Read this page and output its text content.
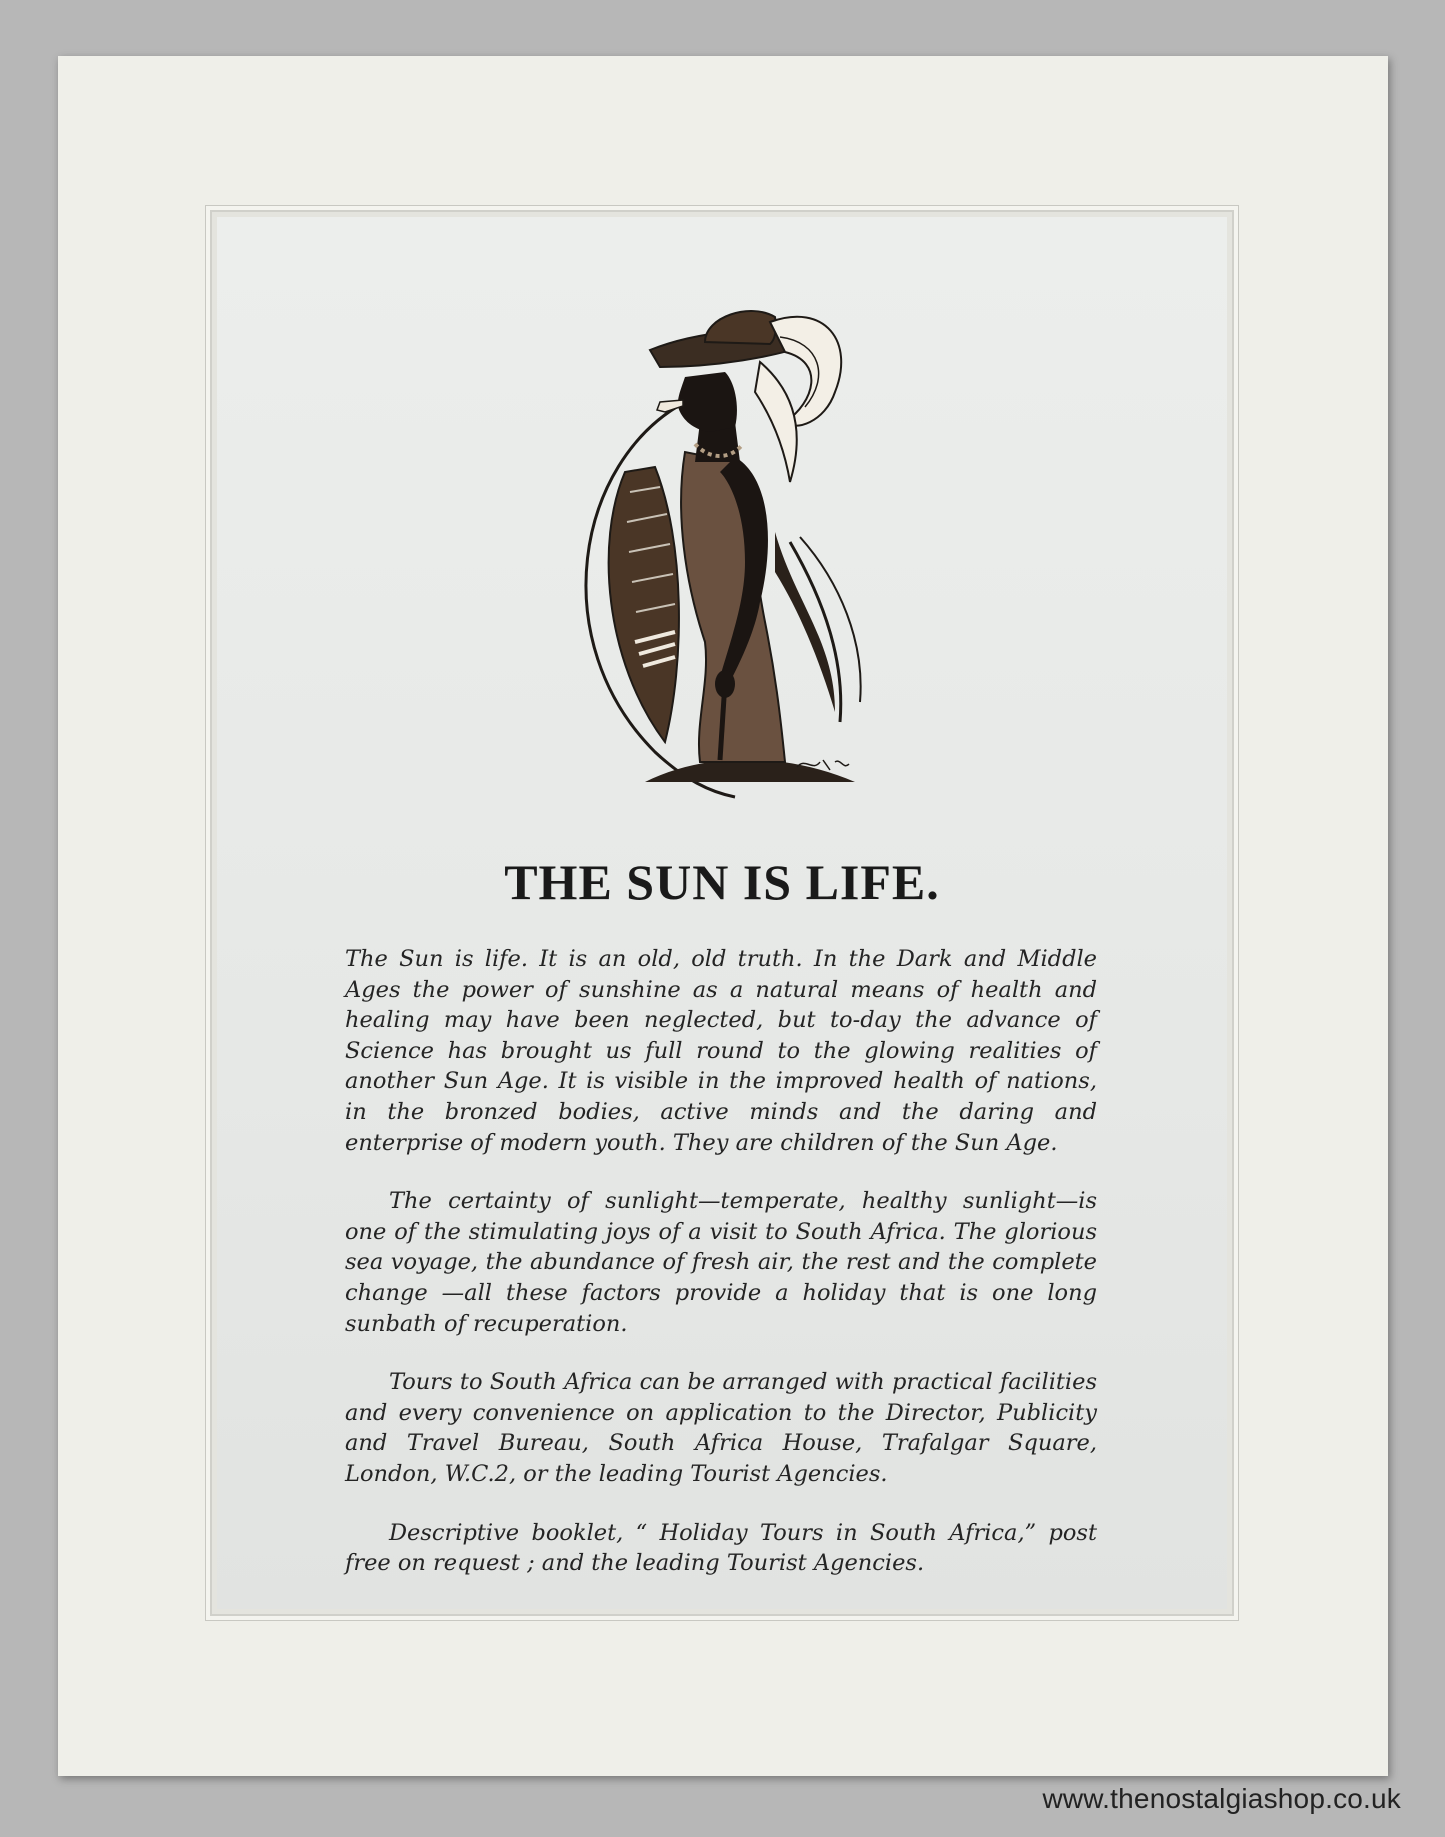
THE SUN IS LIFE.

The Sun is life. It is an old, old truth. In the Dark and Middle Ages the power of sunshine as a natural means of health and healing may have been neglected, but to-day the advance of Science has brought us full round to the glowing realities of another Sun Age. It is visible in the improved health of nations, in the bronzed bodies, active minds and the daring and enterprise of modern youth. They are children of the Sun Age.

The certainty of sunlight—temperate, healthy sunlight—is one of the stimulating joys of a visit to South Africa. The glorious sea voyage, the abundance of fresh air, the rest and the complete change —all these factors provide a holiday that is one long sunbath of recuperation.

Tours to South Africa can be arranged with practical facilities and every convenience on application to the Director, Publicity and Travel Bureau, South Africa House, Trafalgar Square, London, W.C.2, or the leading Tourist Agencies.

Descriptive booklet, “ Holiday Tours in South Africa,” post free on request ; and the leading Tourist Agencies.

www.thenostalgiashop.co.uk
